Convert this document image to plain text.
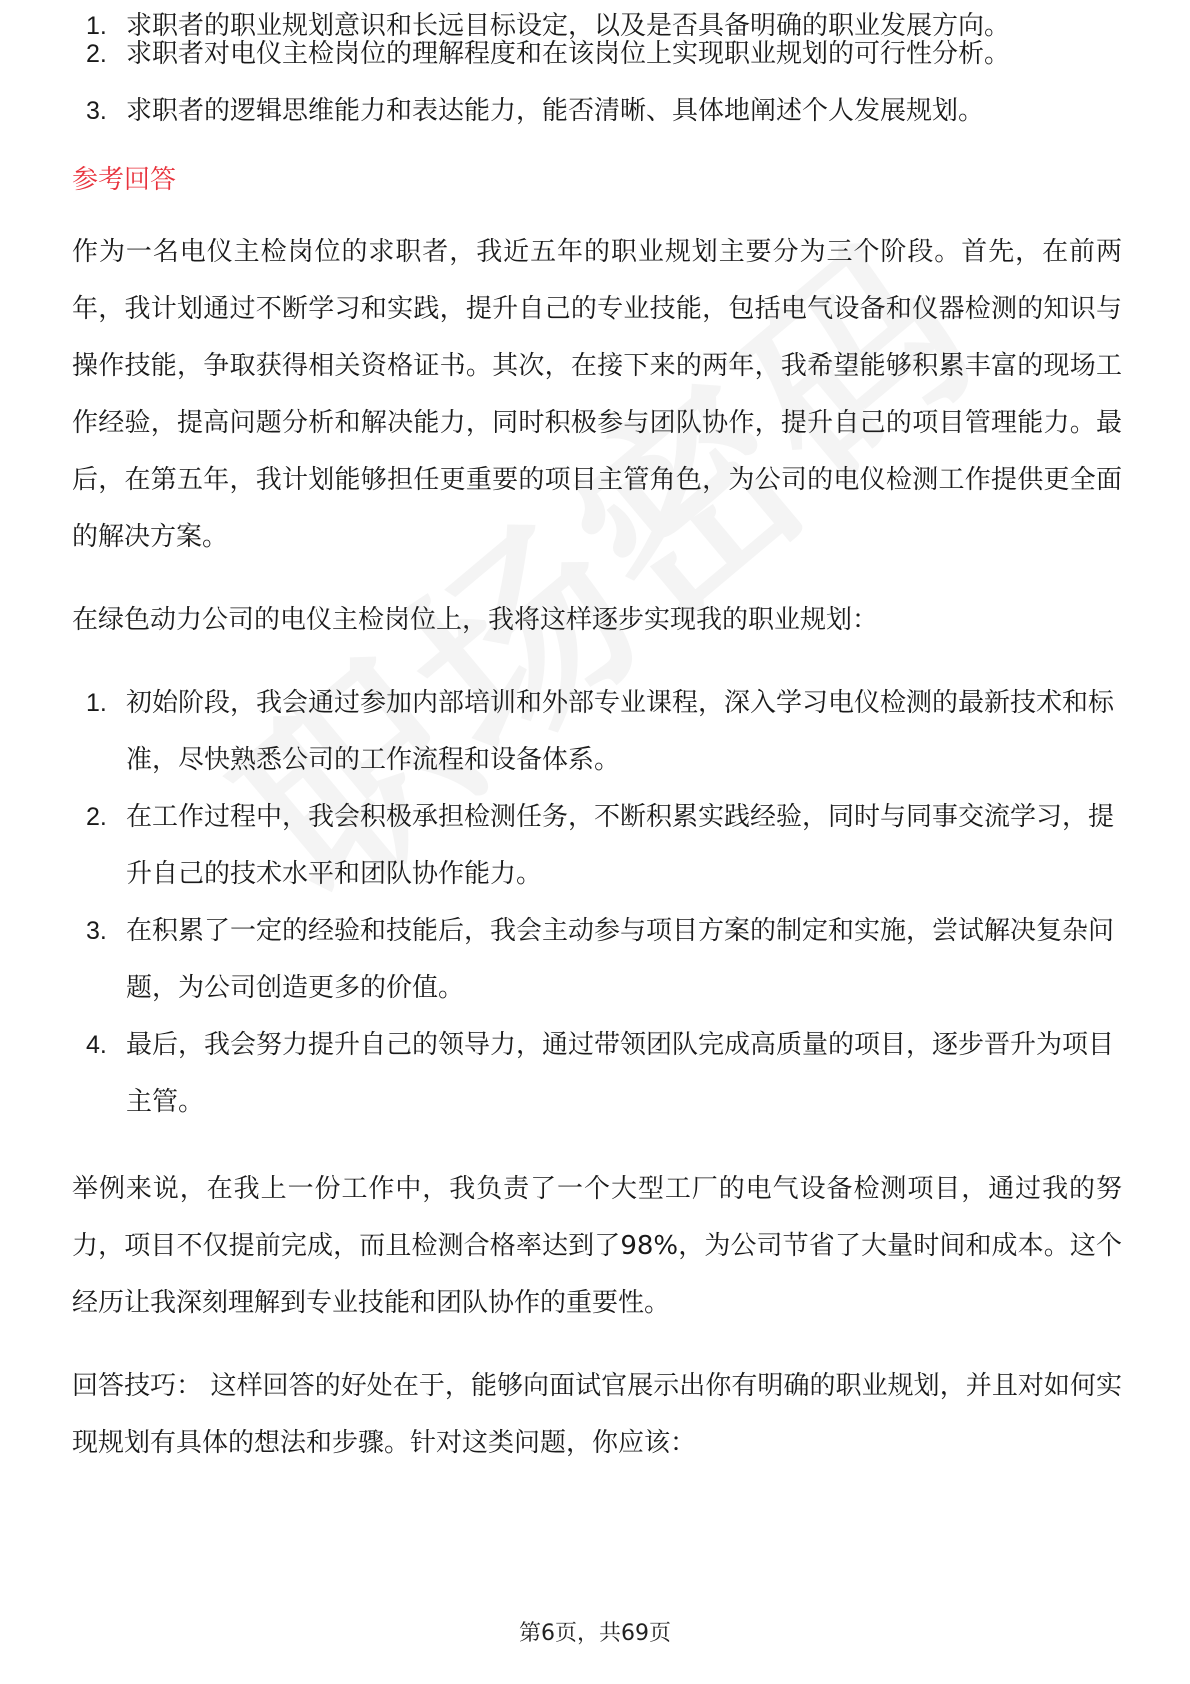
1. 求职者的职业规划意识和长远目标设定，以及是否具备明确的职业发展方向。
2. 求职者对电仪主检岗位的理解程度和在该岗位上实现职业规划的可行性分析。
3. 求职者的逻辑思维能力和表达能力，能否清晰、具体地阐述个人发展规划。
参考回答

作为一名电仪主检岗位的求职者，我近五年的职业规划主要分为三个阶段。首先，在前两年，我计划通过不断学习和实践，提升自己的专业技能，包括电气设备和仪器检测的知识与操作技能，争取获得相关资格证书。其次，在接下来的两年，我希望能够积累丰富的现场工作经验，提高问题分析和解决能力，同时积极参与团队协作，提升自己的项目管理能力。最后，在第五年，我计划能够担任更重要的项目主管角色，为公司的电仪检测工作提供更全面的解决方案。

在绿色动力公司的电仪主检岗位上，我将这样逐步实现我的职业规划：

1. 初始阶段，我会通过参加内部培训和外部专业课程，深入学习电仪检测的最新技术和标准，尽快熟悉公司的工作流程和设备体系。
2. 在工作过程中，我会积极承担检测任务，不断积累实践经验，同时与同事交流学习，提升自己的技术水平和团队协作能力。
3. 在积累了一定的经验和技能后，我会主动参与项目方案的制定和实施，尝试解决复杂问题，为公司创造更多的价值。
4. 最后，我会努力提升自己的领导力，通过带领团队完成高质量的项目，逐步晋升为项目主管。

举例来说，在我上一份工作中，我负责了一个大型工厂的电气设备检测项目，通过我的努力，项目不仅提前完成，而且检测合格率达到了98%，为公司节省了大量时间和成本。这个经历让我深刻理解到专业技能和团队协作的重要性。

回答技巧： 这样回答的好处在于，能够向面试官展示出你有明确的职业规划，并且对如何实现规划有具体的想法和步骤。针对这类问题，你应该：

第6页，共69页
